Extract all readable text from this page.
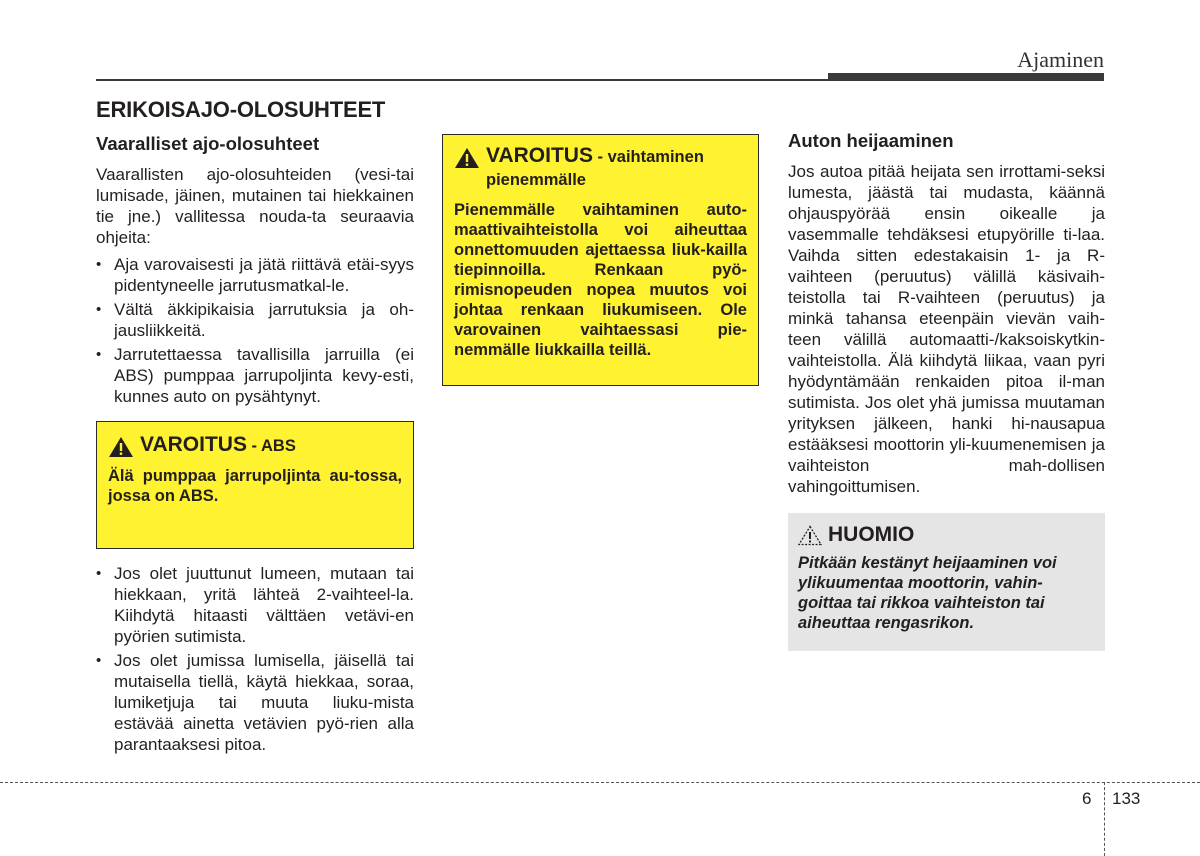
Ajaminen
ERIKOISAJO-OLOSUHTEET
Vaaralliset ajo-olosuhteet

Vaarallisten ajo-olosuhteiden (vesi-tai lumisade, jäinen, mutainen tai hiekkainen tie jne.) vallitessa nouda-ta seuraavia ohjeita:

• Aja varovaisesti ja jätä riittävä etäi-syys pidentyneelle jarrutusmatkal-le.
• Vältä äkkipikaisia jarrutuksia ja oh-jausliikkeitä.
• Jarrutettaessa tavallisilla jarruilla (ei ABS) pumppaa jarrupoljinta kevy-esti, kunnes auto on pysähtynyt.
VAROITUS - ABS

Älä pumppaa jarrupoljinta au-tossa, jossa on ABS.

• Jos olet juuttunut lumeen, mutaan tai hiekkaan, yritä lähteä 2-vaihteel-la. Kiihdytä hitaasti välttäen vetävi-en pyörien sutimista.
• Jos olet jumissa lumisella, jäisellä tai mutaisella tiellä, käytä hiekkaa, soraa, lumiketjuja tai muuta liuku-mista estävää ainetta vetävien pyö-rien alla parantaaksesi pitoa.
VAROITUS - vaihtaminen pienemmälle

Pienemmälle vaihtaminen auto-maattivaihteistolla voi aiheuttaa onnettomuuden ajettaessa liuk-kailla tiepinnoilla. Renkaan pyö-rimisnopeuden nopea muutos voi johtaa renkaan liukumiseen. Ole varovainen vaihtaessasi pie-nemmälle liukkailla teillä.

Auton heijaaminen

Jos autoa pitää heijata sen irrottami-seksi lumesta, jäästä tai mudasta, käännä ohjauspyörää ensin oikealle ja vasemmalle tehdäksesi etupyörille ti-laa. Vaihda sitten edestakaisin 1- ja R-vaihteen (peruutus) välillä käsivaih-teistolla tai R-vaihteen (peruutus) ja minkä tahansa eteenpäin vievän vaih-teen välillä automaatti-/kaksoiskytkin-vaihteistolla. Älä kiihdytä liikaa, vaan pyri hyödyntämään renkaiden pitoa il-man sutimista. Jos olet yhä jumissa muutaman yrityksen jälkeen, hanki hi-nausapua estääksesi moottorin yli-kuumenemisen ja vaihteiston mah-dollisen vahingoittumisen.

HUOMIO

Pitkään kestänyt heijaaminen voi ylikuumentaa moottorin, vahin-goittaa tai rikkoa vaihteiston tai aiheuttaa rengasrikon.

6 133
